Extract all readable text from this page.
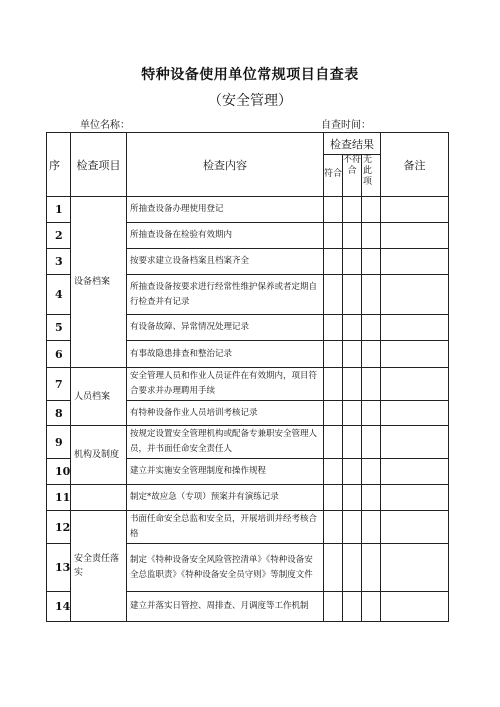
特种设备使用单位常规项目自查表
（安全管理）
单位名称：	自查时间：
序	检查项目	检查内容	检查结果			备注
			符合	不符合	无此项	
1	设备档案	所抽查设备办理使用登记				
2		所抽查设备在检验有效期内				
3		按要求建立设备档案且档案齐全				
4		所抽查设备按要求进行经常性维护保养或者定期自行检查并有记录				
5		有设备故障、异常情况处理记录				
6		有事故隐患排查和整治记录				
7	人员档案	安全管理人员和作业人员证件在有效期内，项目符合要求并办理聘用手续				
8		有特种设备作业人员培训考核记录				
9	机构及制度	按规定设置安全管理机构或配备专兼职安全管理人员，并书面任命安全责任人				
10		建立并实施安全管理制度和操作规程				
11		制定*故应急（专项）预案并有演练记录				
12	安全责任落实	书面任命安全总监和安全员，开展培训并经考核合格				
13		制定《特种设备安全风险管控清单》《特种设备安全总监职责》《特种设备安全员守则》等制度文件				
14		建立并落实日管控、周排查、月调度等工作机制				
